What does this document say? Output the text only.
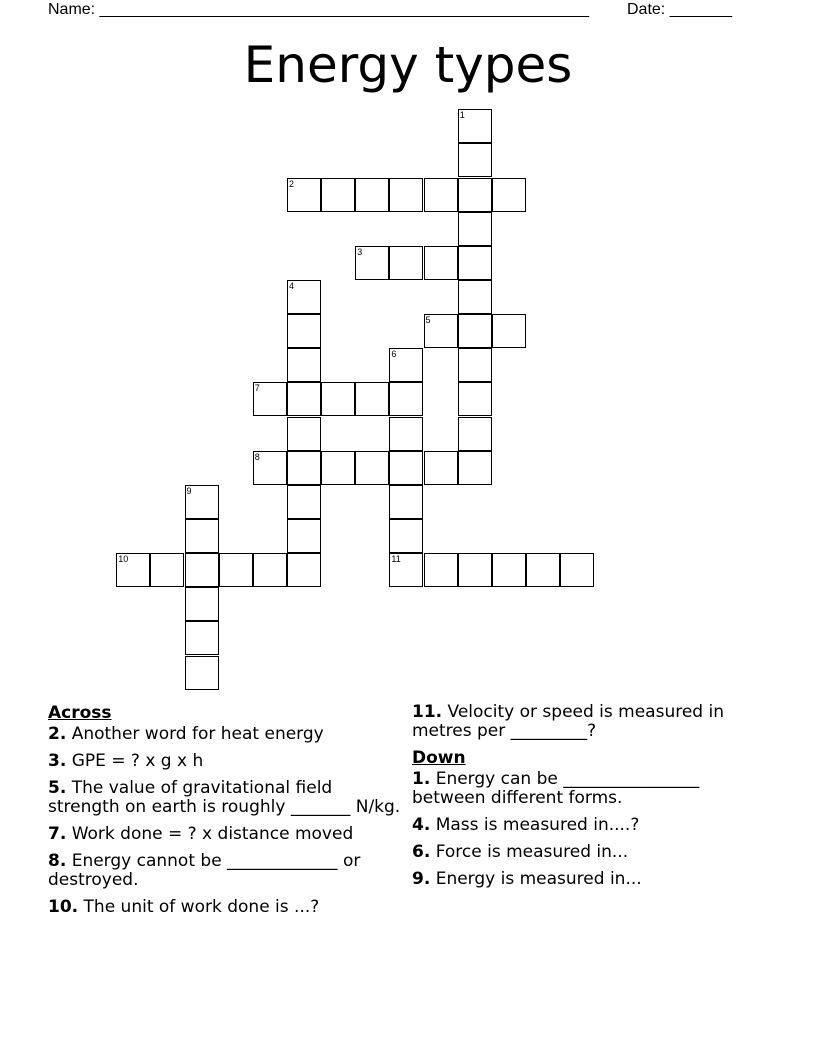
Name: _______________________________________________________ Date: _______
Energy types
1
2
3
4
5
6
7
8
9
10	11
Across
2. Another word for heat energy
3. GPE = ? x g x h
5. The value of gravitational field strength on earth is roughly _______ N/kg.
7. Work done = ? x distance moved
8. Energy cannot be _____________ or destroyed.
10. The unit of work done is ...?
11. Velocity or speed is measured in metres per _________?
Down
1. Energy can be ________________ between different forms.
4. Mass is measured in....?
6. Force is measured in...
9. Energy is measured in...
